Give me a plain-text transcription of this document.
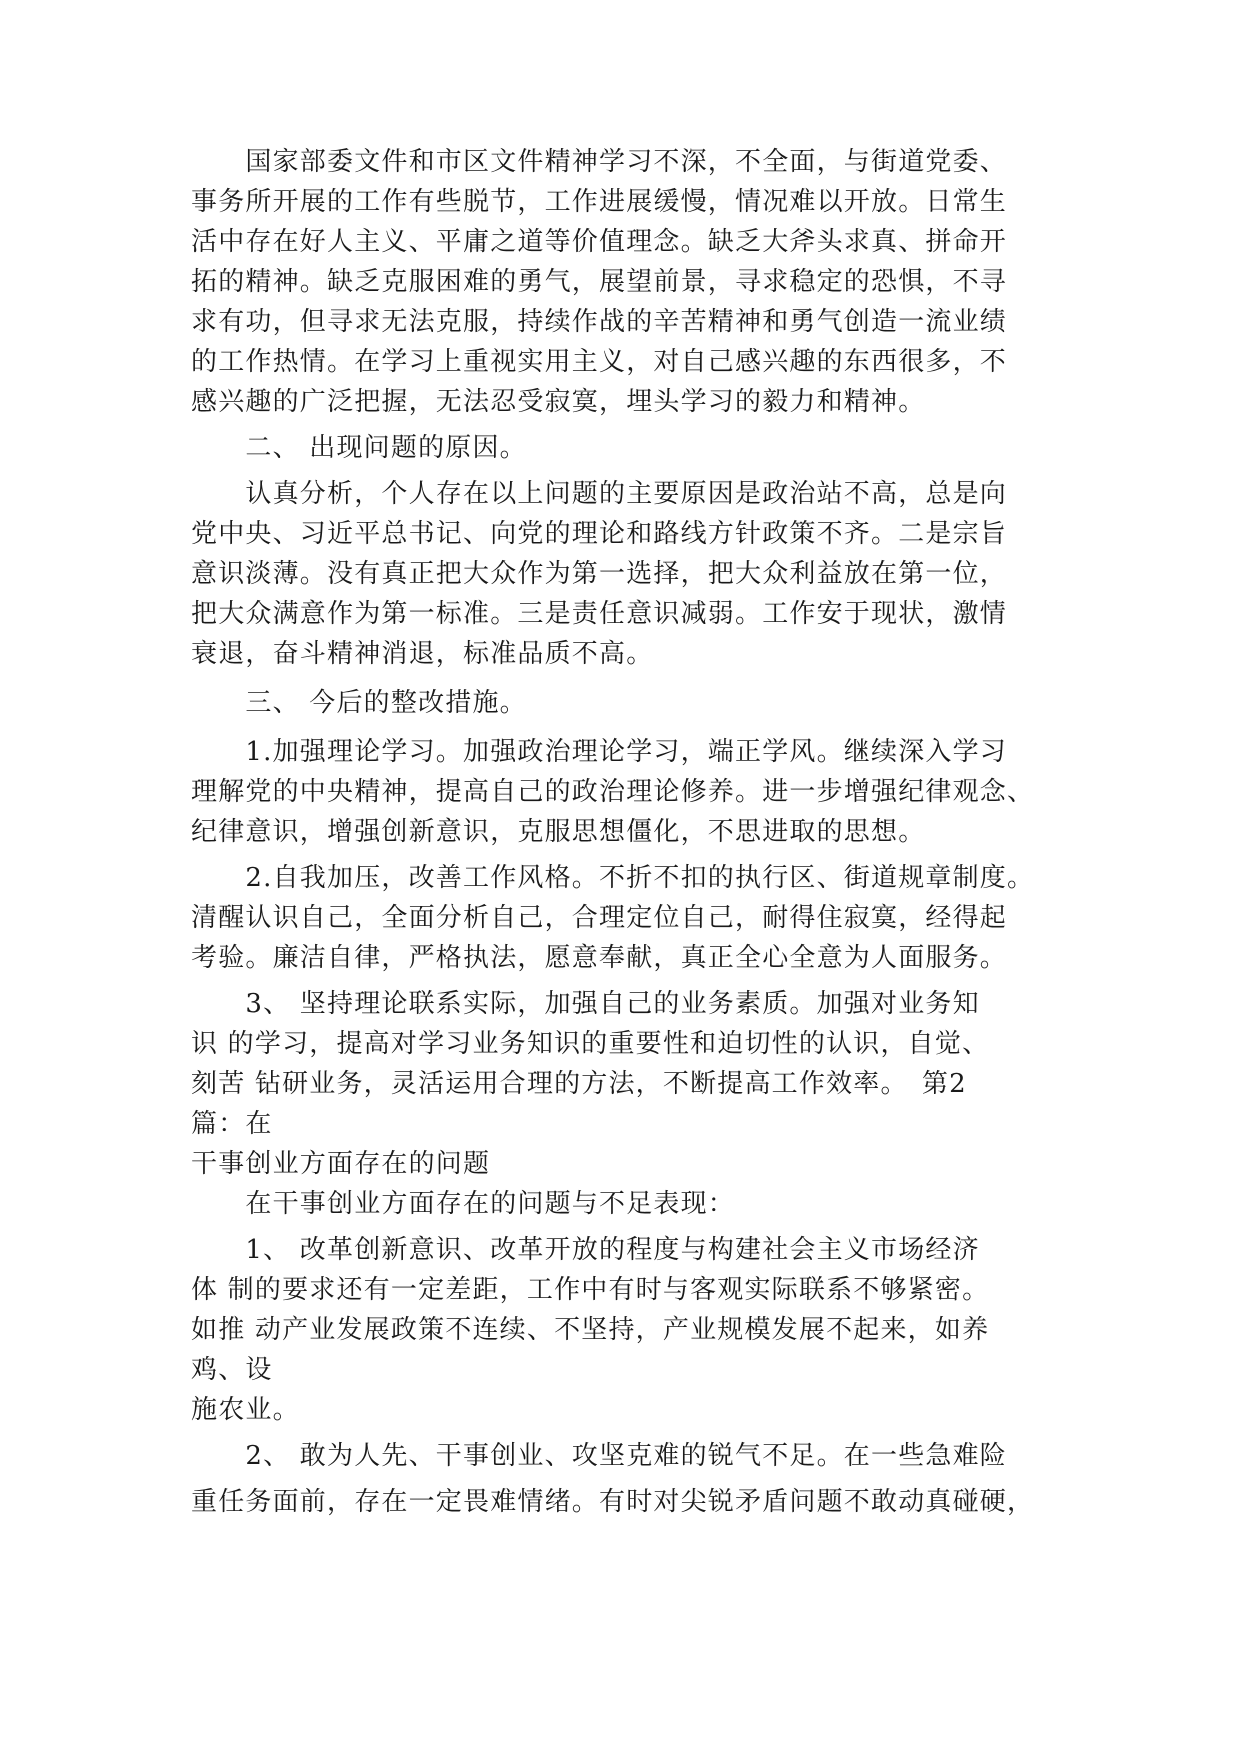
　　国家部委文件和市区文件精神学习不深，不全面，与街道党委、
事务所开展的工作有些脱节，工作进展缓慢，情况难以开放。日常生
活中存在好人主义、平庸之道等价值理念。缺乏大斧头求真、拼命开
拓的精神。缺乏克服困难的勇气，展望前景，寻求稳定的恐惧，不寻
求有功，但寻求无法克服，持续作战的辛苦精神和勇气创造一流业绩
的工作热情。在学习上重视实用主义，对自己感兴趣的东西很多，不
感兴趣的广泛把握，无法忍受寂寞，埋头学习的毅力和精神。
　　二、 出现问题的原因。
　　认真分析，个人存在以上问题的主要原因是政治站不高，总是向
党中央、习近平总书记、向党的理论和路线方针政策不齐。二是宗旨
意识淡薄。没有真正把大众作为第一选择，把大众利益放在第一位，
把大众满意作为第一标准。三是责任意识减弱。工作安于现状，激情
衰退，奋斗精神消退，标准品质不高。
　　三、 今后的整改措施。
　　1.加强理论学习。加强政治理论学习，端正学风。继续深入学习
理解党的中央精神，提高自己的政治理论修养。进一步增强纪律观念、
纪律意识，增强创新意识，克服思想僵化，不思进取的思想。
　　2.自我加压，改善工作风格。不折不扣的执行区、街道规章制度。
清醒认识自己，全面分析自己，合理定位自己，耐得住寂寞，经得起
考验。廉洁自律，严格执法，愿意奉献，真正全心全意为人面服务。
　　3、 坚持理论联系实际，加强自己的业务素质。加强对业务知
识 的学习，提高对学习业务知识的重要性和迫切性的认识，自觉、
刻苦 钻研业务，灵活运用合理的方法，不断提高工作效率。　第2
篇：在
干事创业方面存在的问题
　　在干事创业方面存在的问题与不足表现：
　　1、 改革创新意识、改革开放的程度与构建社会主义市场经济
体 制的要求还有一定差距，工作中有时与客观实际联系不够紧密。
如推 动产业发展政策不连续、不坚持，产业规模发展不起来，如养
鸡、设
施农业。
　　2、 敢为人先、干事创业、攻坚克难的锐气不足。在一些急难险
重任务面前，存在一定畏难情绪。有时对尖锐矛盾问题不敢动真碰硬，
